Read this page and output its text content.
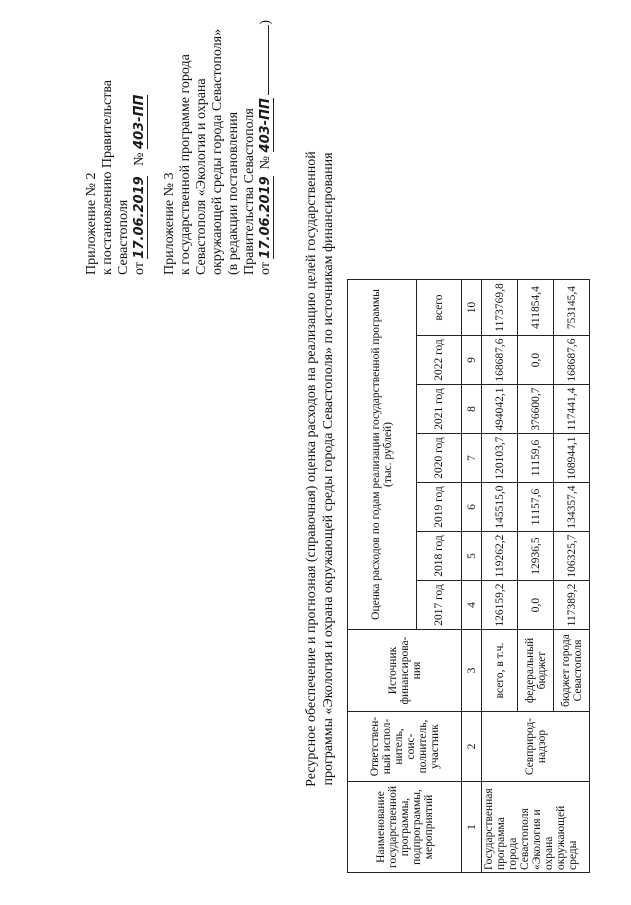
Приложение № 2 к постановлению Правительства Севастополя от 17.06.2019   № 403-ПП
Приложение № 3 к государственной программе города Севастополя «Экология и охрана окружающей среды города Севастополя» (в редакции постановления Правительства Севастополя от 17.06.2019  № 403-ПП )
Ресурсное обеспечение и прогнозная (справочная) оценка расходов на реализацию целей государственной программы «Экология и охрана окружающей среды города Севастополя» по источникам финансирования
Наименование государственной программы, подпрограммы, мероприятий	Ответствен-ный испол-нитель, соис-полнитель, участник	Источник финансирова-ния	Оценка расходов по годам реализации государственной программы (тыс. рублей)						
			2017 год	2018 год	2019 год	2020 год	2021 год	2022 год	всего
1	2	3	4	5	6	7	8	9	10
Государственная программа города Севастополя «Экология и охрана окружающей среды	Севприрод-надзор	всего, в т.ч.	126159,2	119262,2	145515,0	120103,7	494042,1	168687,6	1173769,8
		федеральный бюджет	0,0	12936,5	11157,6	11159,6	376600,7	0,0	411854,4
		бюджет города Севастополя	117389,2	106325,7	134357,4	108944,1	117441,4	168687,6	753145,4
